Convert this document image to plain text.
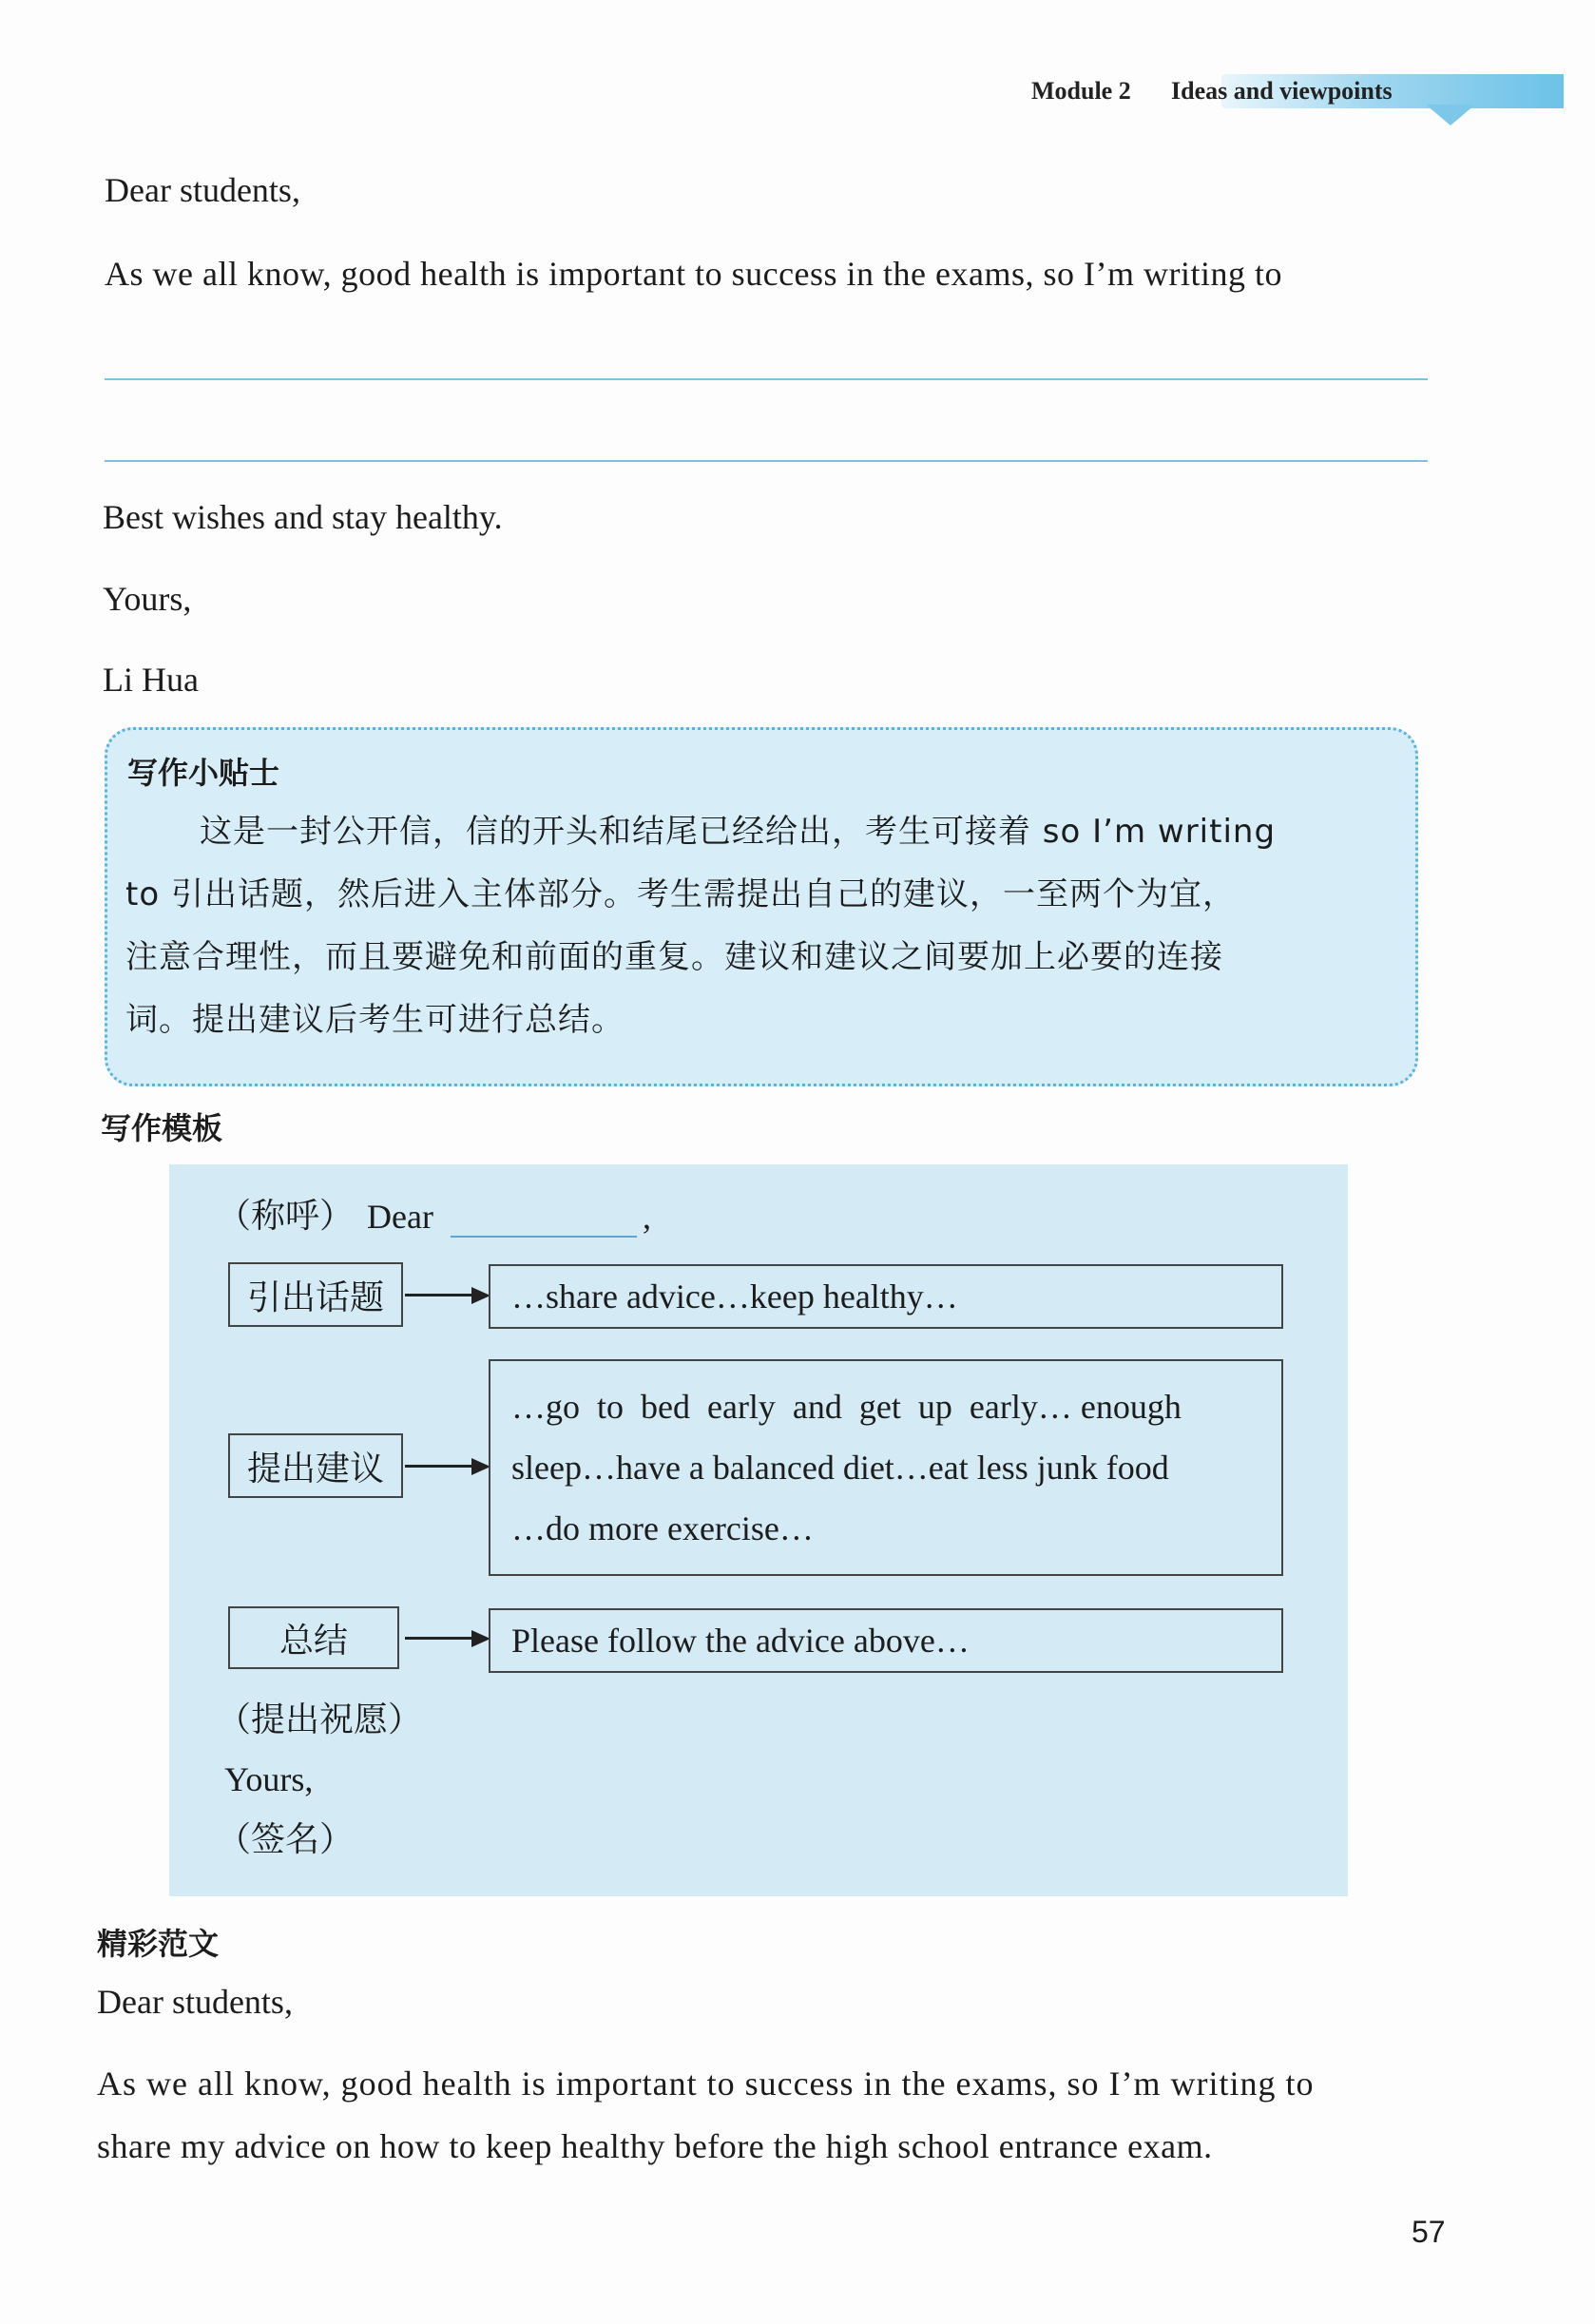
Module 2 Ideas and viewpoints
Dear students,
As we all know, good health is important to success in the exams, so I’m writing to
Best wishes and stay healthy.
Yours,
Li Hua
写作小贴士
这是一封公开信，信的开头和结尾已经给出，考生可接着 so I’m writing
to 引出话题，然后进入主体部分。考生需提出自己的建议，一至两个为宜，
注意合理性，而且要避免和前面的重复。建议和建议之间要加上必要的连接
词。提出建议后考生可进行总结。
写作模板
（称呼） Dear	,
引出话题	…share advice…keep healthy…
提出建议
…go  to  bed  early  and  get  up  early… enough
sleep…have a balanced diet…eat less junk food
…do more exercise…
总结	Please follow the advice above…
（提出祝愿）
Yours,
（签名）
精彩范文
Dear students,
As we all know, good health is important to success in the exams, so I’m writing to
share my advice on how to keep healthy before the high school entrance exam.
57
